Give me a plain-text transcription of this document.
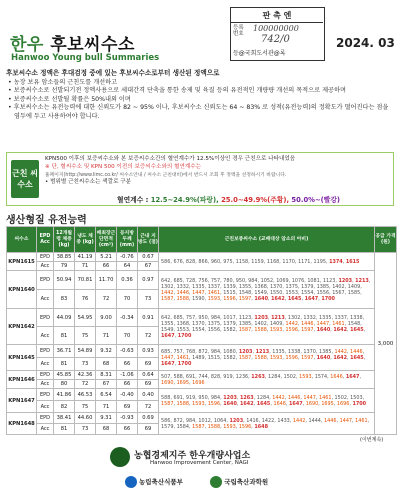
한우 후보씨수소
Hanwoo Young bull Summaries
판 촉 엔
등록 번호
100000000
742/0
등@국회도서관@록
2024. 03
후보씨수소 정액은 후대검정 중에 있는 후보씨수소로부터 생산된 정액으로

• 농장 보유 암소들의 근친도를 개선하고

• 보증씨수소로 선발되기전 정액사용으로 세대간격 단축을 통한 송제 및 육질 등의 유전적인 개량량 개선의 목적으로 제공하며

• 보증씨수소로 선발될 확률은 50%내외 이며

• 후보씨수소는 유전능력에 대한 신뢰도가 82 ~ 95% 이나, 후보씨수소 신뢰도는 64 ~ 83% 로 성적(유전능력)의 정확도가 떨어진다는 점을 염두에 두고 사용하여야 합니다.

근친 씨수소
KPN500 이후의 보증씨수소와 본 보증씨수소간의 혈연계수가 12.5%이상인 경우 근친으로 나타내었음
※ 단, 혈씨수소 및 KPN 500 이전의 보증씨수소와의 혈연계수는
홈페이지(http://www.limc.co.kr/ 씨수소안내 / 씨수소 근친대비)에서 반드시 조회 후 정액을 선정하시기 바랍니다.
• 범위별 근친씨수소는 색깔로 구분
혈연계수 : 12.5~24.9%(파랑), 25.0~49.9%(주황), 50.0%~(빨강)
생산형질 유전능력
씨수소	EPD Acc	12개월령 체중 (kg)	냉도 체중 (kg)	배최장근 단면적 (cm²)	등지방 두께 (mm)	근내 지방도 (점)	근친보증씨수소 (교배대상 암소의 아비)	공급 가격 (원)
KPN1615	EPD	38.85	41.19	5.21	-0.76	0.67	586, 676, 828, 866, 960, 975, 1158, 1159, 1168, 1170, 1171, 1195, 1374, 1615	3,000
	Acc	79	71	66	64	67		
KPN1640	EPD	50.94	70.81	11.70	0.36	0.97	642, 685, 728, 756, 757, 780, 950, 984, 1052, 1069, 1076, 1081, 1123, 1203, 1213, 1302, 1332, 1335, 1337, 1339, 1355, 1368, 1370, 1375, 1379, 1385, 1402, 1409, 1442, 1446, 1447, 1461, 1515, 1548, 1549, 1550, 1553, 1554, 1556, 1567, 1585, 1587, 1588, 1590, 1593, 1596, 1597, 1640, 1642, 1645, 1647, 1700	
	Acc	83	76	72	70	73		
KPN1642	EPD	44.09	54.95	9.00	-0.34	0.91	642, 685, 757, 950, 984, 1017, 1123, 1203, 1213, 1302, 1332, 1335, 1337, 1338, 1355, 1368, 1370, 1375, 1379, 1385, 1402, 1409, 1442, 1446, 1447, 1461, 1548, 1549, 1553, 1554, 1556, 1582, 1587, 1588, 1593, 1596, 1597, 1640, 1642, 1645, 1647, 1700	
	Acc	81	75	71	70	72		
KPN1645	EPD	36.71	54.89	9.32	-0.63	0.93	685, 757, 768, 872, 984, 1080, 1203, 1213, 1335, 1338, 1370, 1385, 1442, 1446, 1447, 1461, 1489, 1515, 1582, 1587, 1588, 1593, 1596, 1597, 1640, 1642, 1645, 1647, 1700	
	Acc	81	73	68	66	69		
KPN1646	EPD	45.85	42.36	8.31	-1.06	0.64	507, 588, 691, 744, 828, 919, 1236, 1263, 1284, 1502, 1593, 1574, 1646, 1647, 1690, 1695, 1696	
	Acc	80	72	67	66	69		
KPN1647	EPD	41.86	46.53	6.54	-0.40	0.40	588, 691, 919, 950, 984, 1203, 1263, 1284, 1442, 1446, 1447, 1461, 1502, 1503, 1587, 1588, 1593, 1596, 1640, 1642, 1645, 1646, 1647, 1690, 1695, 1696, 1700	
	Acc	82	75	71	69	72		
KPN1648	EPD	38.41	44.60	9.31	-0.93	0.69	586, 872, 984, 1012, 1064, 1203, 1416, 1422, 1433, 1442, 1444, 1446, 1447, 1461, 1579, 1584, 1587, 1588, 1593, 1596, 1648	
	Acc	81	73	68	66	69		
(이번계속)
농협경제지주 한우개량사업소
Hanwoo Improvement Center, NAGI
농림축산식품부	국립축산과학원
